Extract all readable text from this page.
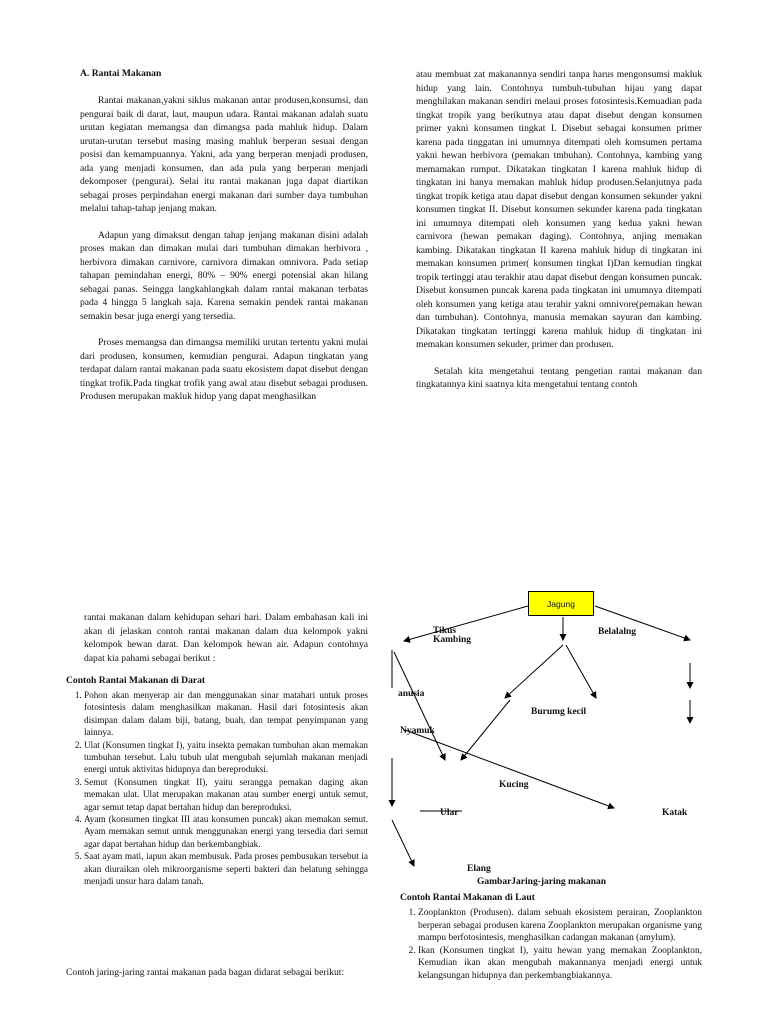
A. Rantai Makanan

Rantai makanan,yakni siklus makanan antar produsen,konsumsi, dan pengurai baik di darat, laut, maupun udara. Rantai makanan adalah suatu urutan kegiatan memangsa dan dimangsa pada mahluk hidup. Dalam urutan-urutan tersebut masing masing mahluk berperan sesuai dengan posisi dan kemampuannya. Yakni, ada yang berperan menjadi produsen, ada yang menjadi konsumen, dan ada pula yang berperan menjadi dekomposer (pengurai). Selai itu rantai makanan juga dapat diartikan sebagai proses perpindahan energi makanan dari sumber daya tumbuhan melalui tahap-tahap jenjang makan.

Adapun yang dimaksut dengan tahap jenjang makanan disini adalah proses makan dan dimakan mulai dari tumbuhan dimakan herbivora , herbivora dimakan carnivore, carnivora dimakan omnivora. Pada setiap tahapan pemindahan energi, 80% – 90% energi potensial akan hilang sebagai panas. Seingga langkahlangkah dalam rantai makanan terbatas pada 4 hingga 5 langkah saja. Karena semakin pendek rantai makanan semakin besar juga energi yang tersedia.

Proses memangsa dan dimangsa memiliki urutan tertentu yakni mulai dari produsen, konsumen, kemudian pengurai. Adapun tingkatan yang terdapat dalam rantai makanan pada suatu ekosistem dapat disebut dengan tingkat trofik.Pada tingkat trofik yang awal atau disebut sebagai produsen. Produsen merupakan makluk hidup yang dapat menghasilkan

atau membuat zat makanannya sendiri tanpa harus mengonsumsi makluk hidup yang lain. Contohnya tumbuh-tubuhan hijau yang dapat menghilakan makanan sendiri melaui proses fotosintesis.Kemuadian pada tingkat tropik yang berikutnya atau dapat disebut dengan konsumen primer yakni konsumen tingkat I. Disebut sebagai konsumen primer karena pada tinggatan ini umumnya ditempati oleh komsumen pertama yakni hewan herbivora (pemakan tmbuhan). Contohnya, kambing yang memamakan rumput. Dikatakan tingkatan I karena mahluk hidup di tingkatan ini hanya memakan mahluk hidup produsen.Selanjutnya pada tingkat tropik ketiga atau dapat disebut dengan konsumen sekunder yakni konsumen tingkat II. Disebut konsumen sekunder karena pada tingkatan ini umumnya ditempati oleh konsumen yang kedua yakni hewan carnivora (hewan pemakan daging). Contohnya, anjing memakan kambing. Dikatakan tingkatan II karena mahluk hidup di tingkatan ini memakan konsumen primer( konsumen tingkat I)Dan kemudian tingkat tropik tertinggi atau terakhir atau dapat disebut dengan konsumen puncak. Disebut konsumen puncak karena pada tingkatan ini umumnya ditempati oleh konsumen yang ketiga atau terahir yakni omnivore(pemakan hewan dan tumbuhan). Contohnya, manusia memakan sayuran dan kambing. Dikatakan tingkatan tertinggi karena mahluk hidup di tingkatan ini memakan konsumen sekuder, primer dan produsen.

Setalah kita mengetahui tentang pengetian rantai makanan dan tingkatannya kini saatnya kita mengetahui tentang contoh

rantai makanan dalam kehidupan sehari hari. Dalam embahasan kali ini akan di jelaskan contoh rantai makanan dalam dua kelompok yakni kelompok hewan darat. Dan kelompok hewan air. Adapun contohnya dapat kia pahami sebagai berikut :

Contoh Rantai Makanan di Darat
1. Pohon akan menyerap air dan menggunakan sinar matahari untuk proses fotosintesis dalam menghasilkan makanan. Hasil dari fotosintesis akan disimpan dalam dalam biji, batang, buah, dan tempat penyimpanan yang lainnya.
2. Ulat (Konsumen tingkat I), yaitu insekta pemakan tumbuhan akan memakan tumbuhan tersebut. Lalu tubuh ulat mengubah sejumlah makanan menjadi energi untuk aktivitas hidupnya dan bereproduksi.
3. Semut (Konsumen tingkat II), yaitu serangga pemakan daging akan memakan ulat. Ulat merupakan makanan atau sumber energi untuk semut, agar semut tetap dapat bertahan hidup dan bereproduksi.
4. Ayam (konsumen tingkat III atau konsumen puncak) akan memakan semut. Ayam memakan semut untuk menggunakan energi yang tersedia dari semut agar dapat bertahan hidup dan berkembangbiak.
5. Saat ayam mati, iapun akan membusuk. Pada proses pembusukan tersebut ia akan diuraikan oleh mikroorganisme seperti bakteri dan belatung sehingga menjadi unsur hara dalam tanah.
Contoh jaring-jaring rantai makanan pada bagan didarat sebagai berikut:
Jagung
Tikus
Kambing
Belalalng
anusia
Burumg kecil
Nyamuk
Kucing
Ular	Katak
Elang
GambarJaring-jaring makanan
Contoh Rantai Makanan di Laut
1. Zooplankton (Produsen). dalam sebuah ekosistem perairan, Zooplankton berperan sebagai produsen karena Zooplankton merupakan organisme yang mampu berfotosintesis, menghasilkan cadangan makanan (amylum).
2. Ikan (Konsumen tingkat I), yaitu hewan yang memakan Zooplankton, Kemudian ikan akan mengubah makannanya menjadi energi untuk kelangsungan hidupnya dan perkembangbiakannya.
